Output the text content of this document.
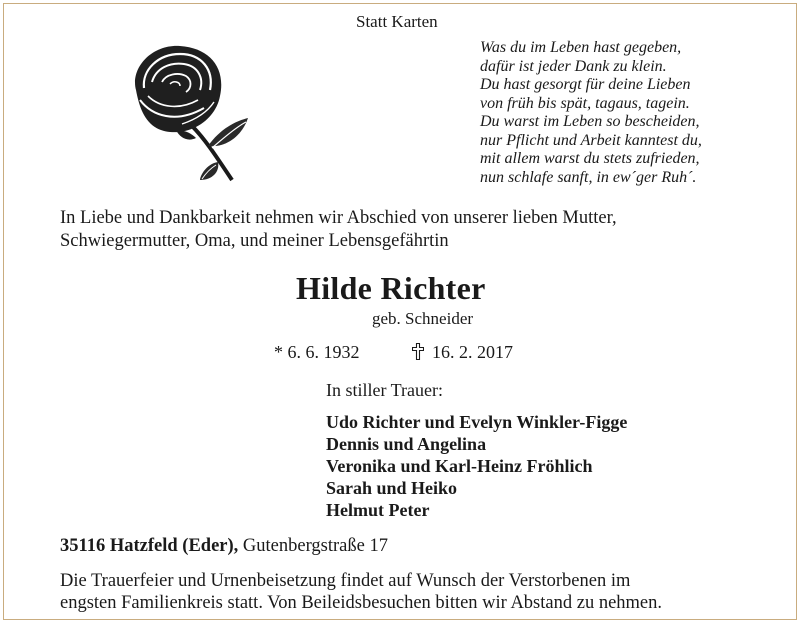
Statt Karten
Was du im Leben hast gegeben,
dafür ist jeder Dank zu klein.
Du hast gesorgt für deine Lieben
von früh bis spät, tagaus, tagein.
Du warst im Leben so bescheiden,
nur Pflicht und Arbeit kanntest du,
mit allem warst du stets zufrieden,
nun schlafe sanft, in ew´ger Ruh´.

In Liebe und Dankbarkeit nehmen wir Abschied von unserer lieben Mutter,
Schwiegermutter, Oma, und meiner Lebensgefährtin

Hilde Richter
geb. Schneider
* 6. 6. 1932	16. 2. 2017
In stiller Trauer:
Udo Richter und Evelyn Winkler-Figge
Dennis und Angelina
Veronika und Karl-Heinz Fröhlich
Sarah und Heiko
Helmut Peter
35116 Hatzfeld (Eder), Gutenbergstraße 17

Die Trauerfeier und Urnenbeisetzung findet auf Wunsch der Verstorbenen im
engsten Familienkreis statt. Von Beileidsbesuchen bitten wir Abstand zu nehmen.
